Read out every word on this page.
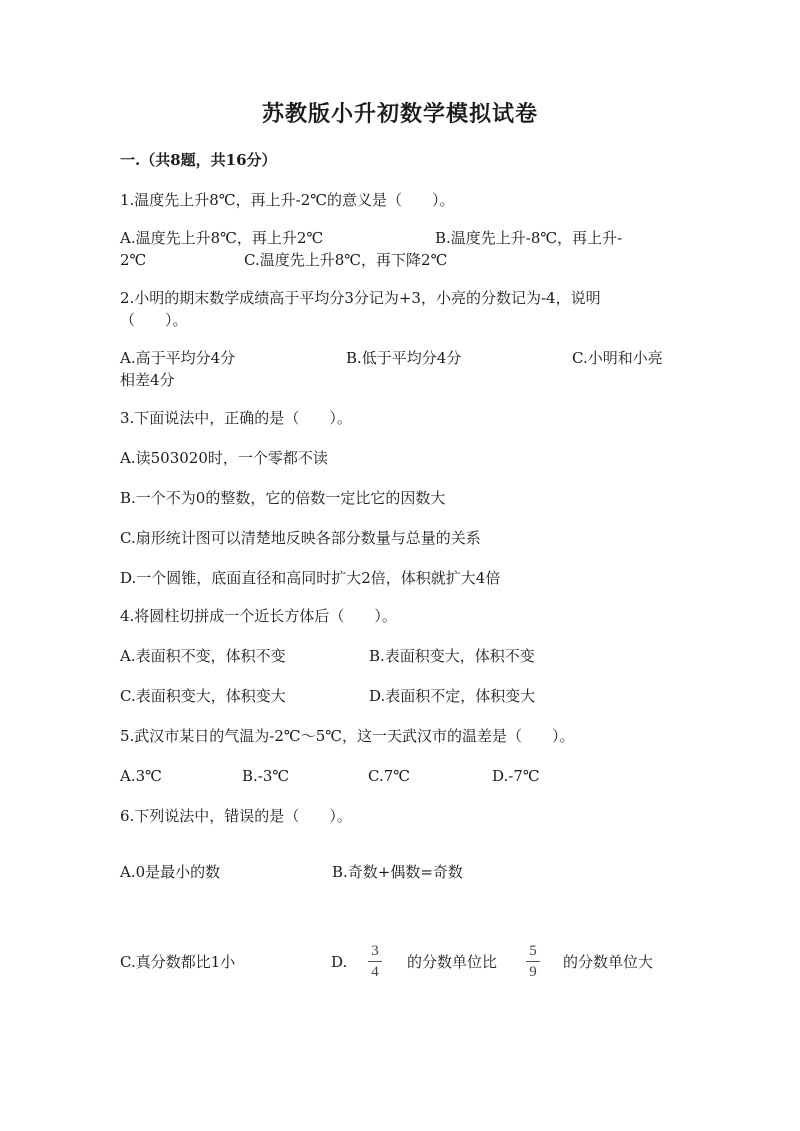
苏教版小升初数学模拟试卷
一.（共8题，共16分）
1.温度先上升8℃，再上升-2℃的意义是（　　）。
A.温度先上升8℃，再上升2℃	B.温度先上升-8℃，再上升-
2℃	C.温度先上升8℃，再下降2℃
2.小明的期末数学成绩高于平均分3分记为+3，小亮的分数记为-4，说明
（　　）。
A.高于平均分4分	B.低于平均分4分	C.小明和小亮
相差4分
3.下面说法中，正确的是（　　）。
A.读503020时，一个零都不读
B.一个不为0的整数，它的倍数一定比它的因数大
C.扇形统计图可以清楚地反映各部分数量与总量的关系
D.一个圆锥，底面直径和高同时扩大2倍，体积就扩大4倍
4.将圆柱切拼成一个近长方体后（　　）。
A.表面积不变，体积不变	B.表面积变大，体积不变
C.表面积变大，体积变大	D.表面积不定，体积变大
5.武汉市某日的气温为-2℃～5℃，这一天武汉市的温差是（　　）。
A.3℃	B.-3℃	C.7℃	D.-7℃
6.下列说法中，错误的是（　　）。
A.0是最小的数	B.奇数+偶数=奇数
C.真分数都比1小	D.
3
4
的分数单位比
5
9
的分数单位大
